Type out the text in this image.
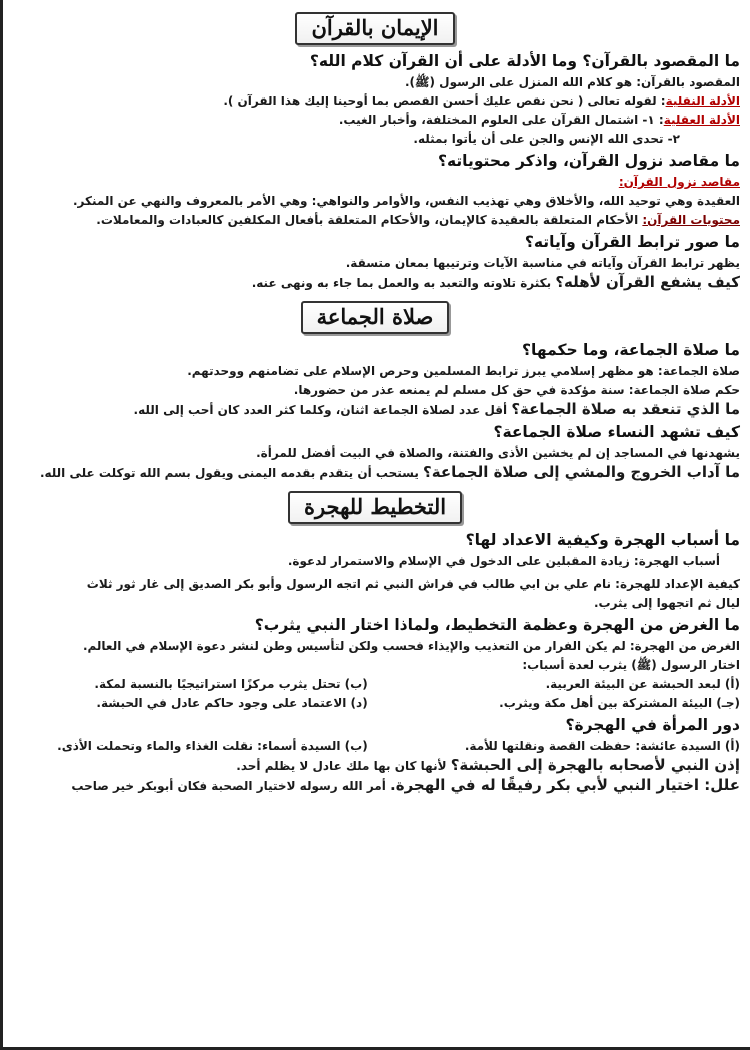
الإيمان بالقرآن
ما المقصود بالقرآن؟ وما الأدلة على أن القرآن كلام الله؟
المقصود بالقرآن: هو كلام الله المنزل على الرسول (ﷺ).
الأدلة النقلية: لقوله تعالى ( نحن نقص عليك أحسن القصص بما أوحينا إليك هذا القرآن ).
الأدلة العقلية: ١- اشتمال القرآن على العلوم المختلفة، وأخبار الغيب.
٢- تحدى الله الإنس والجن على أن يأتوا بمثله.
ما مقاصد نزول القرآن، واذكر محتوياته؟
مقاصد نزول القرآن:
العقيدة وهي توحيد الله، والأخلاق وهي تهذيب النفس، والأوامر والنواهي: وهي الأمر بالمعروف والنهي عن المنكر.
محتويات القرآن: الأحكام المتعلقة بالعقيدة كالإيمان، والأحكام المتعلقة بأفعال المكلفين كالعبادات والمعاملات.
ما صور ترابط القرآن وآياته؟
يظهر ترابط القرآن وآياته في مناسبة الآيات وترتيبها بمعان متسقة.
كيف يشفع القرآن لأهله؟ بكثرة تلاوته والتعبد به والعمل بما جاء به ونهى عنه.
صلاة الجماعة
ما صلاة الجماعة، وما حكمها؟
صلاة الجماعة: هو مظهر إسلامي يبرز ترابط المسلمين وحرص الإسلام على تضامنهم ووحدتهم.
حكم صلاة الجماعة: سنة مؤكدة في حق كل مسلم لم يمنعه عذر من حضورها.
ما الذي تنعقد به صلاة الجماعة؟ أقل عدد لصلاة الجماعة اثنان، وكلما كثر العدد كان أحب إلى الله.
كيف تشهد النساء صلاة الجماعة؟
يشهدنها في المساجد إن لم يخشين الأذى والفتنة، والصلاة في البيت أفضل للمرأة.
ما آداب الخروج والمشي إلى صلاة الجماعة؟ يستحب أن يتقدم بقدمه اليمنى ويقول بسم الله توكلت على الله.
التخطيط للهجرة
ما أسباب الهجرة وكيفية الاعداد لها؟
أسباب الهجرة: زيادة المقبلين على الدخول في الإسلام والاستمرار لدعوة.
كيفية الإعداد للهجرة: نام علي بن ابي طالب في فراش النبي ثم اتجه الرسول وأبو بكر الصديق إلى غار ثور ثلاث
ليال ثم اتجهوا إلى يثرب.
ما الغرض من الهجرة وعظمة التخطيط، ولماذا اختار النبي يثرب؟
الغرض من الهجرة: لم يكن الفرار من التعذيب والإيذاء فحسب ولكن لتأسيس وطن لنشر دعوة الإسلام في العالم.
اختار الرسول (ﷺ) يثرب لعدة أسباب:
(أ) لبعد الحبشة عن البيئة العربية.
(ب) تحتل يثرب مركزًا استراتيجيًا بالنسبة لمكة.
(جـ) البيئة المشتركة بين أهل مكة ويثرب.
(د) الاعتماد على وجود حاكم عادل في الحبشة.
دور المرأة في الهجرة؟
(أ) السيدة عائشة: حفظت القصة ونقلتها للأمة.
(ب) السيدة أسماء: نقلت الغذاء والماء وتحملت الأذى.
إذن النبي لأصحابه بالهجرة إلى الحبشة؟ لأنها كان بها ملك عادل لا يظلم أحد.
علل: اختيار النبي لأبي بكر رفيقًا له في الهجرة. أمر الله رسوله لاختيار الصحبة فكان أبوبكر خير صاحب
